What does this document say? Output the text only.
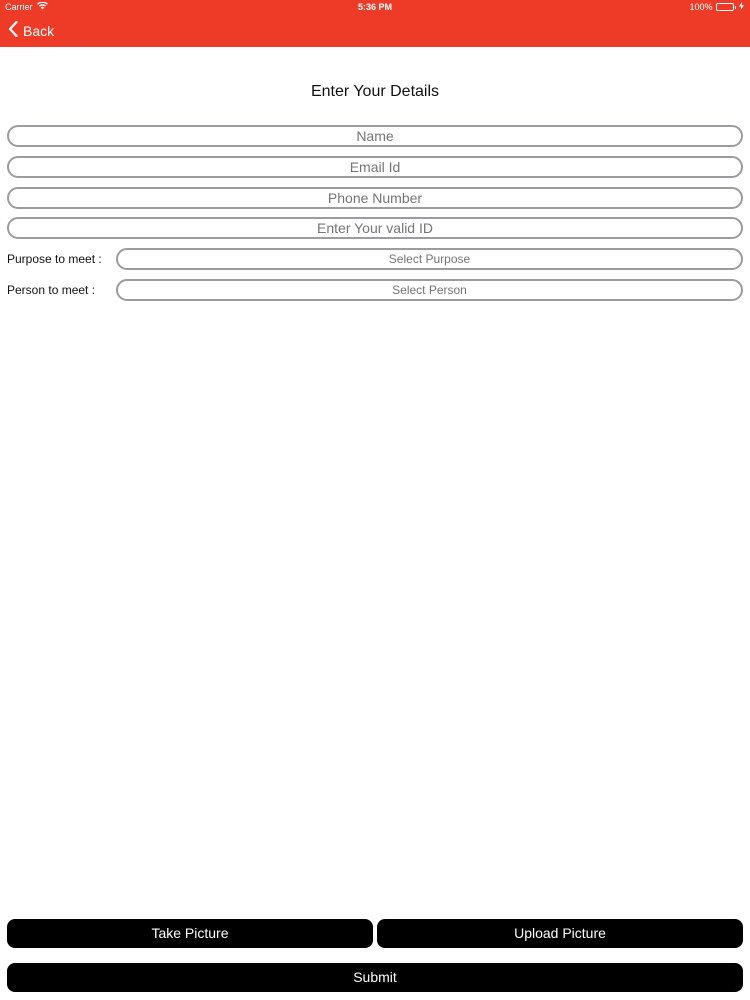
Carrier	5:36 PM	100%
Back
Enter Your Details
Name
Email Id
Phone Number
Enter Your valid ID
Purpose to meet :
Select Purpose
Person to meet :
Select Person
Take Picture	Upload Picture
Submit
